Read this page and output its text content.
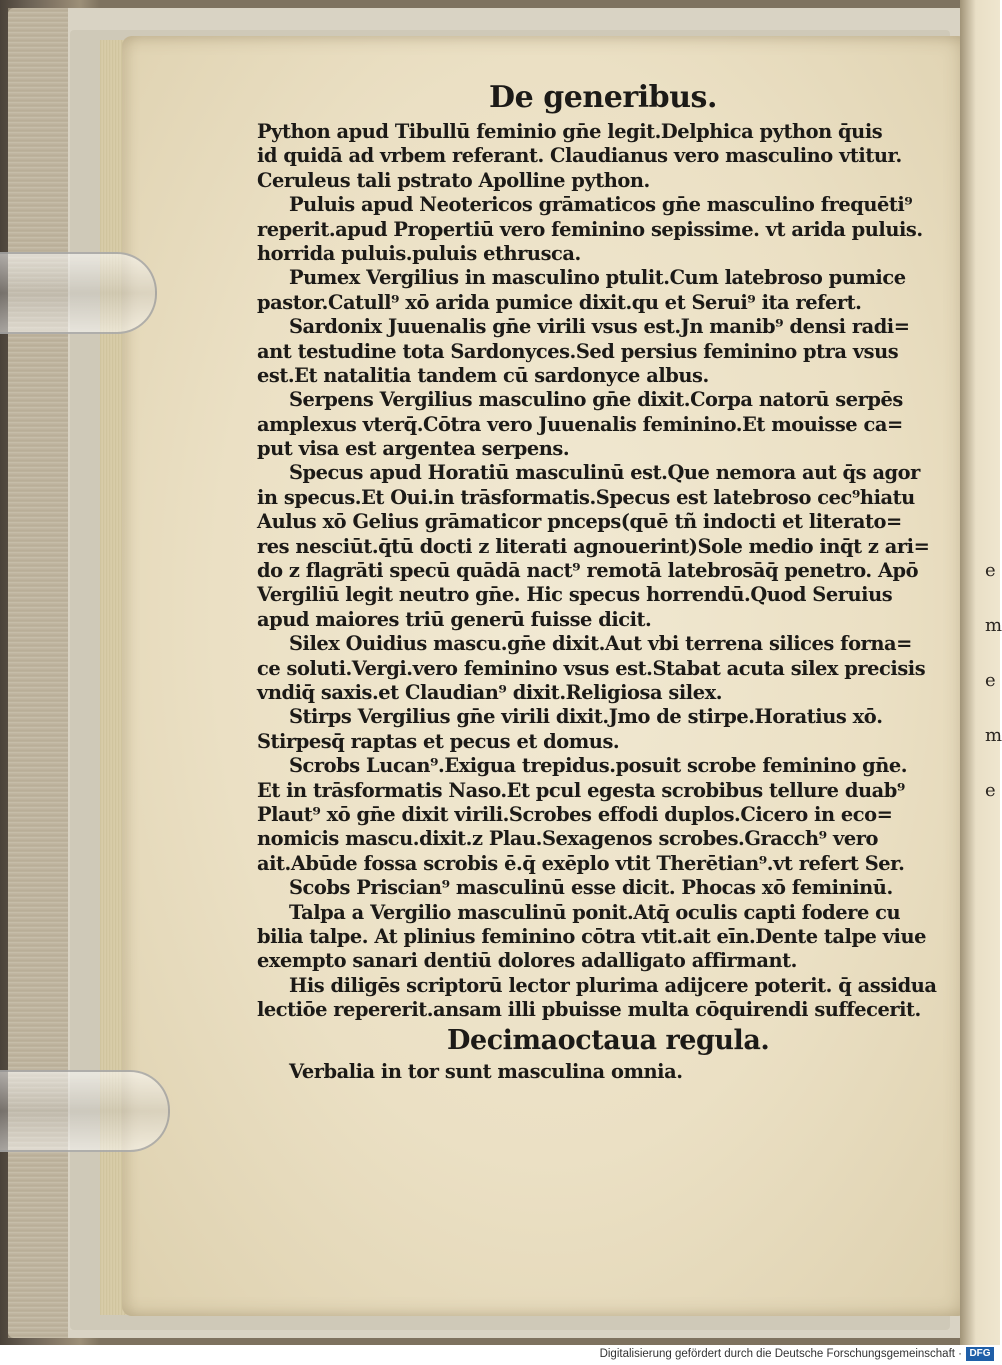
e
m
e
m
e
De generibus.
Python apud Tibullū feminio gn̄e legit.Delphica python q̄uis
id quidā ad vrbem referant. Claudianus vero masculino vtitur.
Ceruleus tali pstrato Apolline python.
Puluis apud Neotericos grāmaticos gn̄e masculino frequēti⁹
reperit.apud Propertiū vero feminino sepissime. vt arida puluis.
horrida puluis.puluis ethrusca.
Pumex Vergilius in masculino ptulit.Cum latebroso pumice
pastor.Catull⁹ xō arida pumice dixit.qu et Serui⁹ ita refert.
Sardonix Juuenalis gn̄e virili vsus est.Jn manib⁹ densi radi=
ant testudine tota Sardonyces.Sed persius feminino ptra vsus
est.Et natalitia tandem cū sardonyce albus.
Serpens Vergilius masculino gn̄e dixit.Corpa natorū serpēs
amplexus vterq̄.Cōtra vero Juuenalis feminino.Et mouisse ca=
put visa est argentea serpens.
Specus apud Horatiū masculinū est.Que nemora aut q̄s agor
in specus.Et Oui.in trāsformatis.Specus est latebroso cec⁹hiatu
Aulus xō Gelius grāmaticor pnceps(quē tñ indocti et literato=
res nesciūt.q̄tū docti z literati agnouerint)Sole medio inq̄t z ari=
do z flagrāti specū quādā nact⁹ remotā latebrosāq̄ penetro. Apō
Vergiliū legit neutro gn̄e. Hic specus horrendū.Quod Seruius
apud maiores triū generū fuisse dicit.
Silex Ouidius mascu.gn̄e dixit.Aut vbi terrena silices forna=
ce soluti.Vergi.vero feminino vsus est.Stabat acuta silex precisis
vndiq̄ saxis.et Claudian⁹ dixit.Religiosa silex.
Stirps Vergilius gn̄e virili dixit.Jmo de stirpe.Horatius xō.
Stirpesq̄ raptas et pecus et domus.
Scrobs Lucan⁹.Exigua trepidus.posuit scrobe feminino gn̄e.
Et in trāsformatis Naso.Et pcul egesta scrobibus tellure duab⁹
Plaut⁹ xō gn̄e dixit virili.Scrobes effodi duplos.Cicero in eco=
nomicis mascu.dixit.z Plau.Sexagenos scrobes.Gracch⁹ vero
ait.Abūde fossa scrobis ē.q̄ exēplo vtit Therētian⁹.vt refert Ser.
Scobs Priscian⁹ masculinū esse dicit. Phocas xō femininū.
Talpa a Vergilio masculinū ponit.Atq̄ oculis capti fodere cu
bilia talpe. At plinius feminino cōtra vtit.ait eīn.Dente talpe viue
exempto sanari dentiū dolores adalligato affirmant.
His diligēs scriptorū lector plurima adijcere poterit. q̄ assidua
lectiōe repererit.ansam illi pbuisse multa cōquirendi suffecerit.
Decimaoctaua regula.
Verbalia in tor sunt masculina omnia.
Digitalisierung gefördert durch die Deutsche Forschungsgemeinschaft · DFG
